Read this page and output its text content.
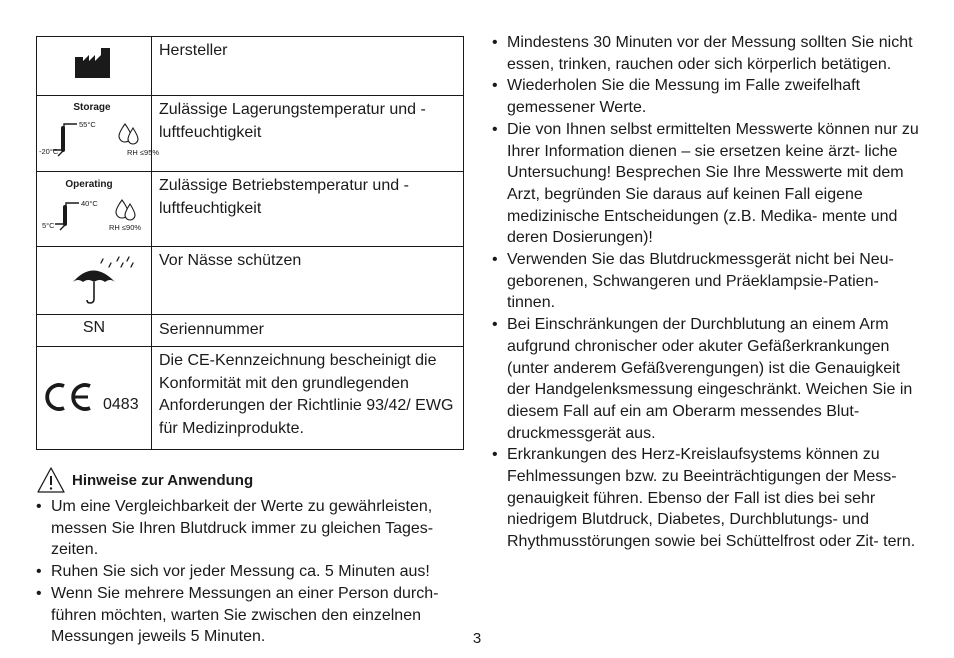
	Hersteller

Storage
55°C
-20°C RH ≤95%	Zulässige Lagerungstemperatur und -luftfeuchtigkeit

Operating
40°C
5°C RH ≤90%	Zulässige Betriebstemperatur und -luftfeuchtigkeit
	Vor Nässe schützen

SN	Seriennummer

0483	Die CE-Kennzeichnung bescheinigt die Konformität mit den grundlegenden Anforderungen der Richtlinie 93/42/ EWG für Medizinprodukte.
Hinweise zur Anwendung
• Um eine Vergleichbarkeit der Werte zu gewährleisten, messen Sie Ihren Blutdruck immer zu gleichen Tages- zeiten.
• Ruhen Sie sich vor jeder Messung ca. 5 Minuten aus!
• Wenn Sie mehrere Messungen an einer Person durch- führen möchten, warten Sie zwischen den einzelnen Messungen jeweils 5 Minuten.
• Mindestens 30 Minuten vor der Messung sollten Sie nicht essen, trinken, rauchen oder sich körperlich betätigen.
• Wiederholen Sie die Messung im Falle zweifelhaft gemessener Werte.
• Die von Ihnen selbst ermittelten Messwerte können nur zu Ihrer Information dienen – sie ersetzen keine ärzt- liche Untersuchung! Besprechen Sie Ihre Messwerte mit dem Arzt, begründen Sie daraus auf keinen Fall eigene medizinische Entscheidungen (z.B. Medika- mente und deren Dosierungen)!
• Verwenden Sie das Blutdruckmessgerät nicht bei Neu- geborenen, Schwangeren und Präeklampsie-Patien- tinnen.
• Bei Einschränkungen der Durchblutung an einem Arm aufgrund chronischer oder akuter Gefäßerkrankungen (unter anderem Gefäßverengungen) ist die Genauigkeit der Handgelenksmessung eingeschränkt. Weichen Sie in diesem Fall auf ein am Oberarm messendes Blut- druckmessgerät aus.
• Erkrankungen des Herz-Kreislaufsystems können zu Fehlmessungen bzw. zu Beeinträchtigungen der Mess- genauigkeit führen. Ebenso der Fall ist dies bei sehr niedrigem Blutdruck, Diabetes, Durchblutungs- und Rhythmusstörungen sowie bei Schüttelfrost oder Zit- tern.
3
